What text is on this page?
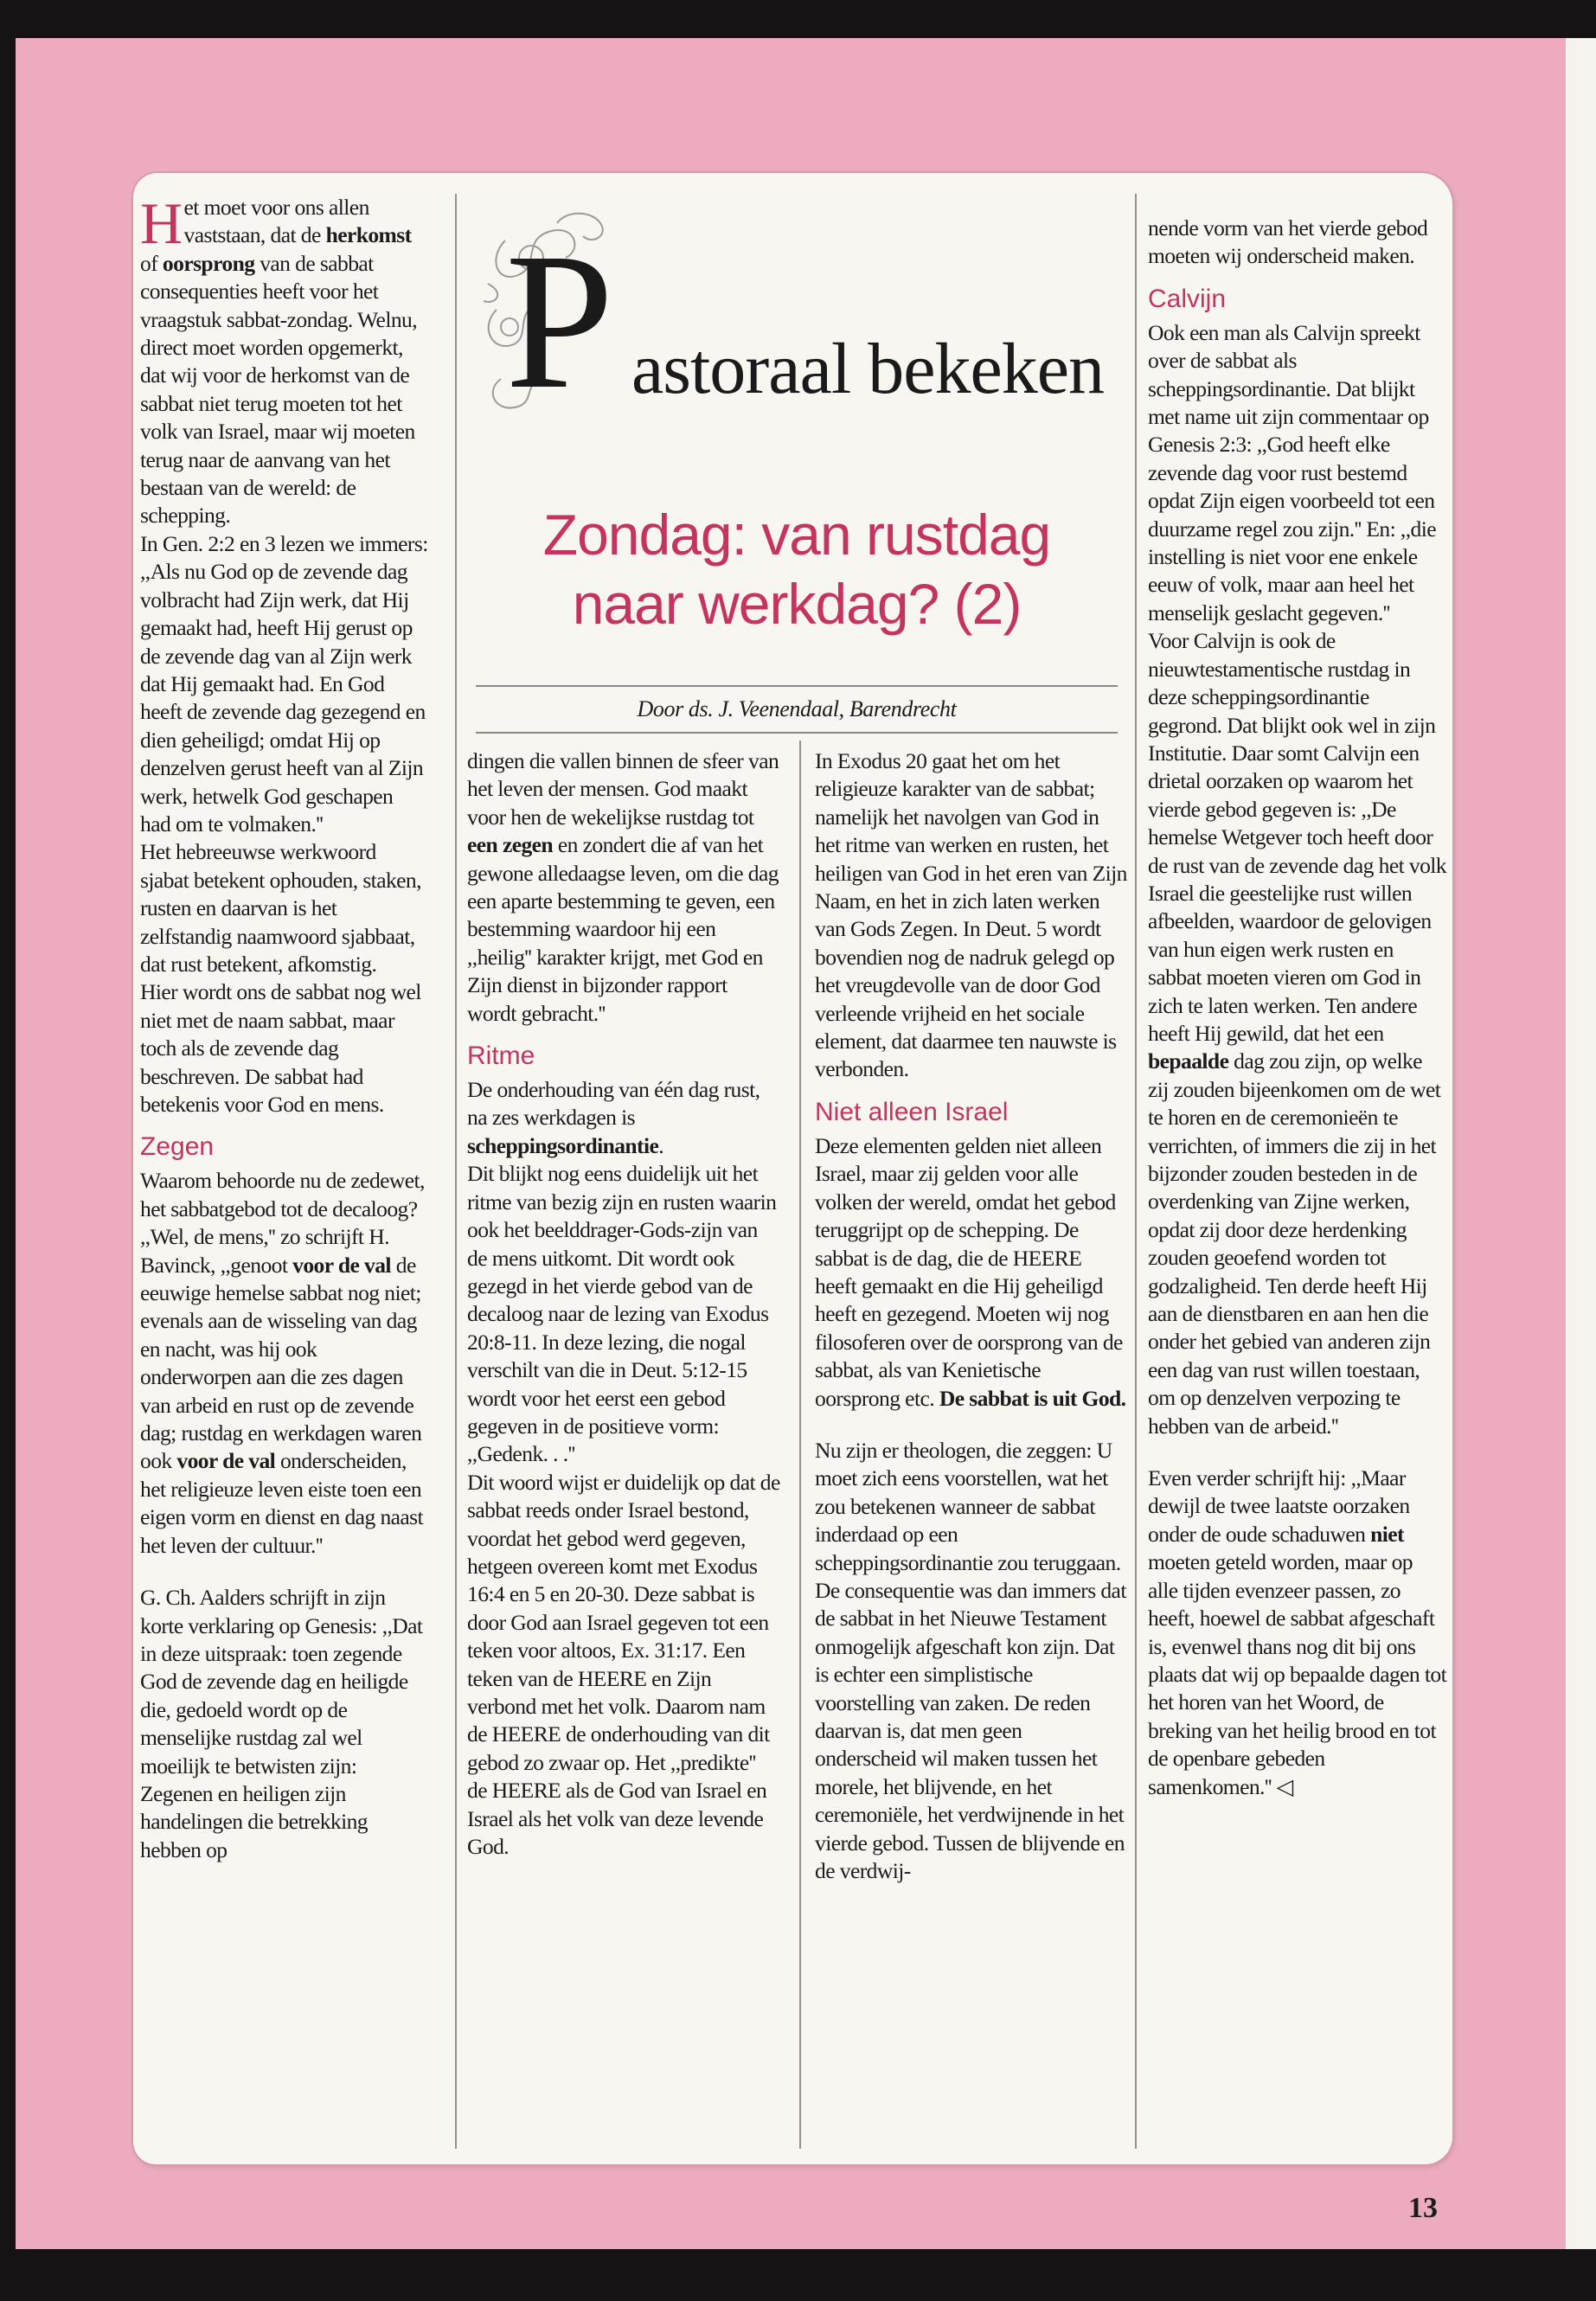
P astoraal bekeken
Zondag: van rustdag
naar werkdag? (2)
Door ds. J. Veenendaal, Barendrecht

Het moet voor ons allen vaststaan, dat de herkomst of oorsprong van de sabbat consequenties heeft voor het vraagstuk sabbat-zondag. Welnu, direct moet worden opgemerkt, dat wij voor de herkomst van de sabbat niet terug moeten tot het volk van Israel, maar wij moeten terug naar de aanvang van het bestaan van de wereld: de schepping.

In Gen. 2:2 en 3 lezen we immers: ,,Als nu God op de zevende dag volbracht had Zijn werk, dat Hij gemaakt had, heeft Hij gerust op de zevende dag van al Zijn werk dat Hij gemaakt had. En God heeft de zevende dag gezegend en dien geheiligd; omdat Hij op denzelven gerust heeft van al Zijn werk, hetwelk God geschapen had om te volmaken.''

Het hebreeuwse werkwoord sjabat betekent ophouden, staken, rusten en daarvan is het zelfstandig naamwoord sjabbaat, dat rust betekent, afkomstig.

Hier wordt ons de sabbat nog wel niet met de naam sabbat, maar toch als de zevende dag beschreven. De sabbat had betekenis voor God en mens.

Zegen

Waarom behoorde nu de zedewet, het sabbatgebod tot de decaloog? ,,Wel, de mens,'' zo schrijft H. Bavinck, ,,genoot voor de val de eeuwige hemelse sabbat nog niet; evenals aan de wisseling van dag en nacht, was hij ook onderworpen aan die zes dagen van arbeid en rust op de zevende dag; rustdag en werkdagen waren ook voor de val onderscheiden, het religieuze leven eiste toen een eigen vorm en dienst en dag naast het leven der cultuur.''

G. Ch. Aalders schrijft in zijn korte verklaring op Genesis: ,,Dat in deze uitspraak: toen zegende God de zevende dag en heiligde die, gedoeld wordt op de menselijke rustdag zal wel moeilijk te betwisten zijn: Zegenen en heiligen zijn handelingen die betrekking hebben op

dingen die vallen binnen de sfeer van het leven der mensen. God maakt voor hen de wekelijkse rustdag tot een zegen en zondert die af van het gewone alledaagse leven, om die dag een aparte bestemming te geven, een bestemming waardoor hij een ,,heilig'' karakter krijgt, met God en Zijn dienst in bijzonder rapport wordt gebracht.''

Ritme

De onderhouding van één dag rust, na zes werkdagen is scheppingsordinantie.

Dit blijkt nog eens duidelijk uit het ritme van bezig zijn en rusten waarin ook het beelddrager-Gods-zijn van de mens uitkomt. Dit wordt ook gezegd in het vierde gebod van de decaloog naar de lezing van Exodus 20:8-11. In deze lezing, die nogal verschilt van die in Deut. 5:12-15 wordt voor het eerst een gebod gegeven in de positieve vorm: ,,Gedenk. . .''

Dit woord wijst er duidelijk op dat de sabbat reeds onder Israel bestond, voordat het gebod werd gegeven, hetgeen overeen komt met Exodus 16:4 en 5 en 20-30. Deze sabbat is door God aan Israel gegeven tot een teken voor altoos, Ex. 31:17. Een teken van de HEERE en Zijn verbond met het volk. Daarom nam de HEERE de onderhouding van dit gebod zo zwaar op. Het ,,predikte'' de HEERE als de God van Israel en Israel als het volk van deze levende God.

In Exodus 20 gaat het om het religieuze karakter van de sabbat; namelijk het navolgen van God in het ritme van werken en rusten, het heiligen van God in het eren van Zijn Naam, en het in zich laten werken van Gods Zegen. In Deut. 5 wordt bovendien nog de nadruk gelegd op het vreugdevolle van de door God verleende vrijheid en het sociale element, dat daarmee ten nauwste is verbonden.

Niet alleen Israel

Deze elementen gelden niet alleen Israel, maar zij gelden voor alle volken der wereld, omdat het gebod teruggrijpt op de schepping. De sabbat is de dag, die de HEERE heeft gemaakt en die Hij geheiligd heeft en gezegend. Moeten wij nog filosoferen over de oorsprong van de sabbat, als van Kenietische oorsprong etc. De sabbat is uit God.

Nu zijn er theologen, die zeggen: U moet zich eens voorstellen, wat het zou betekenen wanneer de sabbat inderdaad op een scheppingsordinantie zou teruggaan. De consequentie was dan immers dat de sabbat in het Nieuwe Testament onmogelijk afgeschaft kon zijn. Dat is echter een simplistische voorstelling van zaken. De reden daarvan is, dat men geen onderscheid wil maken tussen het morele, het blijvende, en het ceremoniële, het verdwijnende in het vierde gebod. Tussen de blijvende en de verdwij-

nende vorm van het vierde gebod moeten wij onderscheid maken.

Calvijn

Ook een man als Calvijn spreekt over de sabbat als scheppingsordinantie. Dat blijkt met name uit zijn commentaar op Genesis 2:3: ,,God heeft elke zevende dag voor rust bestemd opdat Zijn eigen voorbeeld tot een duurzame regel zou zijn.'' En: ,,die instelling is niet voor ene enkele eeuw of volk, maar aan heel het menselijk geslacht gegeven.''

Voor Calvijn is ook de nieuwtestamentische rustdag in deze scheppingsordinantie gegrond. Dat blijkt ook wel in zijn Institutie. Daar somt Calvijn een drietal oorzaken op waarom het vierde gebod gegeven is: ,,De hemelse Wetgever toch heeft door de rust van de zevende dag het volk Israel die geestelijke rust willen afbeelden, waardoor de gelovigen van hun eigen werk rusten en sabbat moeten vieren om God in zich te laten werken. Ten andere heeft Hij gewild, dat het een bepaalde dag zou zijn, op welke zij zouden bijeenkomen om de wet te horen en de ceremonieën te verrichten, of immers die zij in het bijzonder zouden besteden in de overdenking van Zijne werken, opdat zij door deze herdenking zouden geoefend worden tot godzaligheid. Ten derde heeft Hij aan de dienstbaren en aan hen die onder het gebied van anderen zijn een dag van rust willen toestaan, om op denzelven verpozing te hebben van de arbeid.''

Even verder schrijft hij: ,,Maar dewijl de twee laatste oorzaken onder de oude schaduwen niet moeten geteld worden, maar op alle tijden evenzeer passen, zo heeft, hoewel de sabbat afgeschaft is, evenwel thans nog dit bij ons plaats dat wij op bepaalde dagen tot het horen van het Woord, de breking van het heilig brood en tot de openbare gebeden samenkomen.'' ◁

13
